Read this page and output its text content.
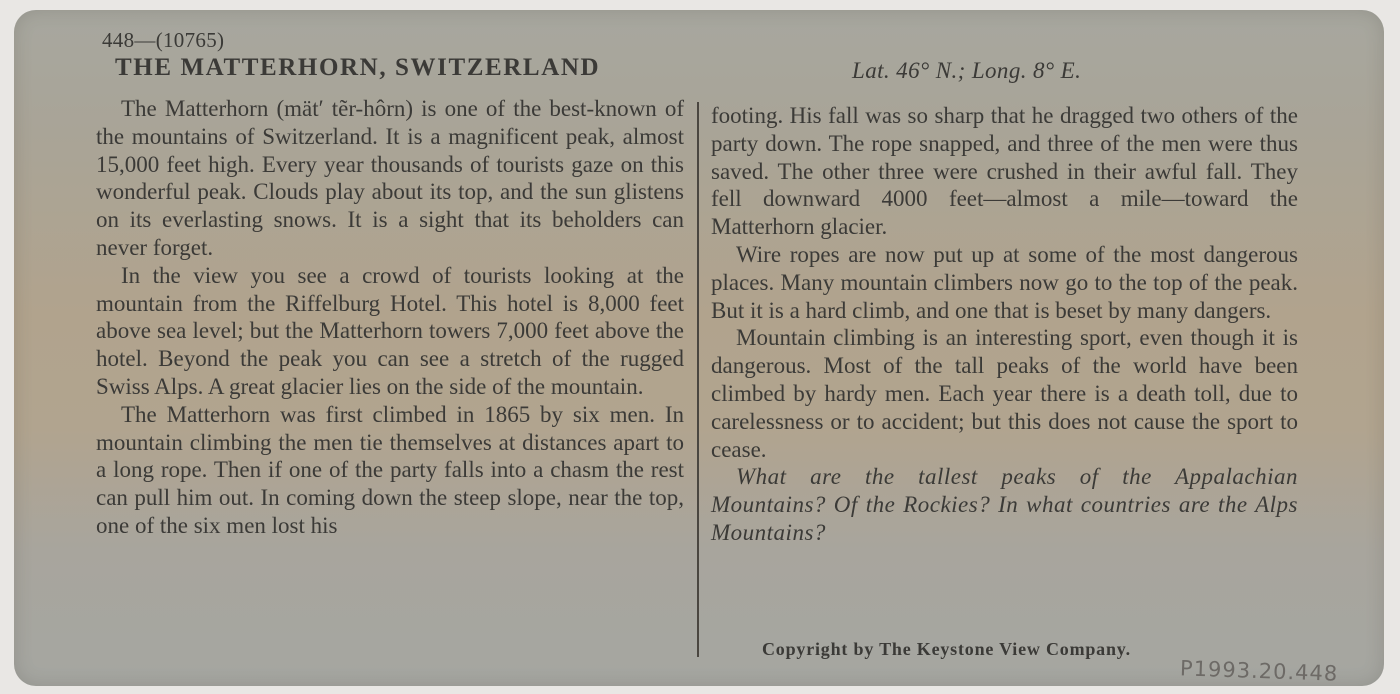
448—(10765)
THE MATTERHORN, SWITZERLAND	Lat. 46° N.; Long. 8° E.

The Matterhorn (mät′ tẽr-hôrn) is one of the best-known of the mountains of Switzerland. It is a magnificent peak, almost 15,000 feet high. Every year thousands of tourists gaze on this wonderful peak. Clouds play about its top, and the sun glistens on its everlasting snows. It is a sight that its beholders can never forget.

In the view you see a crowd of tourists looking at the mountain from the Riffelburg Hotel. This hotel is 8,000 feet above sea level; but the Matterhorn towers 7,000 feet above the hotel. Beyond the peak you can see a stretch of the rugged Swiss Alps. A great glacier lies on the side of the mountain.

The Matterhorn was first climbed in 1865 by six men. In mountain climbing the men tie themselves at distances apart to a long rope. Then if one of the party falls into a chasm the rest can pull him out. In coming down the steep slope, near the top, one of the six men lost his

footing. His fall was so sharp that he dragged two others of the party down. The rope snapped, and three of the men were thus saved. The other three were crushed in their awful fall. They fell downward 4000 feet—almost a mile—toward the Matterhorn glacier.

Wire ropes are now put up at some of the most dangerous places. Many mountain climbers now go to the top of the peak. But it is a hard climb, and one that is beset by many dangers.

Mountain climbing is an interesting sport, even though it is dangerous. Most of the tall peaks of the world have been climbed by hardy men. Each year there is a death toll, due to carelessness or to accident; but this does not cause the sport to cease.

What are the tallest peaks of the Appalachian Mountains? Of the Rockies? In what countries are the Alps Mountains?

Copyright by The Keystone View Company.
P1993.20.448
